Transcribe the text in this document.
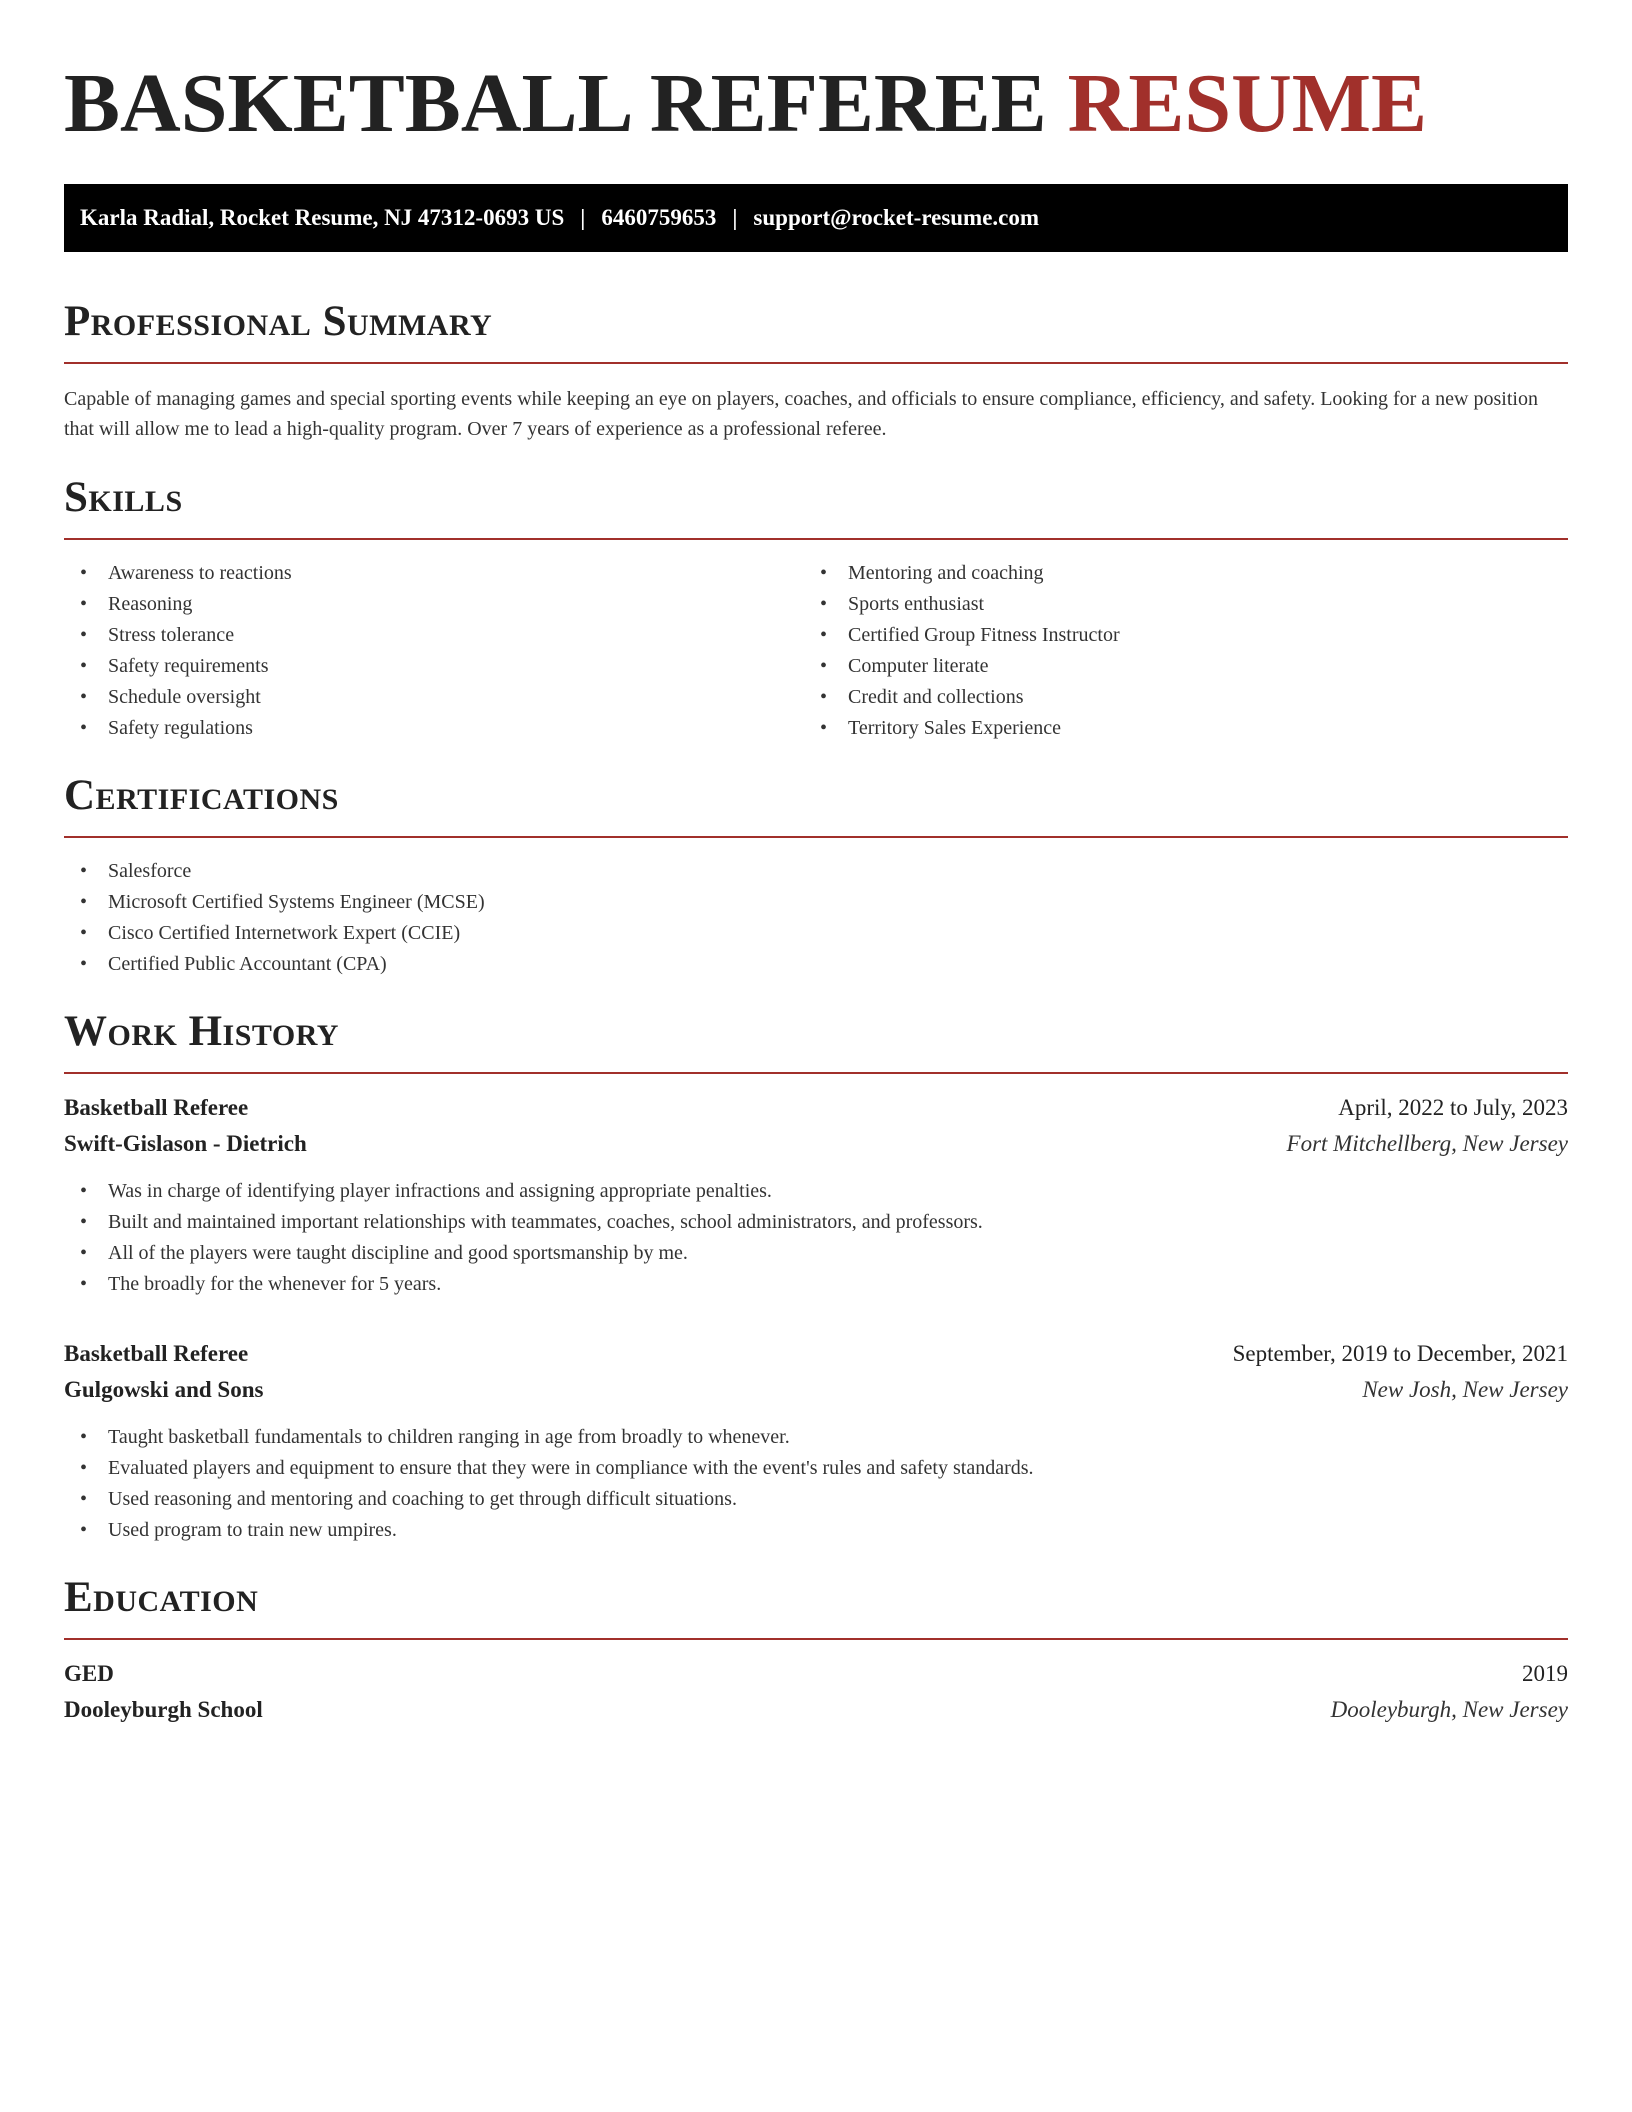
BASKETBALL REFEREE RESUME
Karla Radial, Rocket Resume, NJ 47312-0693 US | 6460759653 | support@rocket-resume.com
Professional Summary

Capable of managing games and special sporting events while keeping an eye on players, coaches, and officials to ensure compliance, efficiency, and safety. Looking for a new position that will allow me to lead a high-quality program. Over 7 years of experience as a professional referee.

Skills
• Awareness to reactions
• Reasoning
• Stress tolerance
• Safety requirements
• Schedule oversight
• Safety regulations
• Mentoring and coaching
• Sports enthusiast
• Certified Group Fitness Instructor
• Computer literate
• Credit and collections
• Territory Sales Experience
Certifications
• Salesforce
• Microsoft Certified Systems Engineer (MCSE)
• Cisco Certified Internetwork Expert (CCIE)
• Certified Public Accountant (CPA)
Work History
Basketball Referee	April, 2022 to July, 2023
Swift-Gislason - Dietrich	Fort Mitchellberg, New Jersey
• Was in charge of identifying player infractions and assigning appropriate penalties.
• Built and maintained important relationships with teammates, coaches, school administrators, and professors.
• All of the players were taught discipline and good sportsmanship by me.
• The broadly for the whenever for 5 years.
Basketball Referee	September, 2019 to December, 2021
Gulgowski and Sons	New Josh, New Jersey
• Taught basketball fundamentals to children ranging in age from broadly to whenever.
• Evaluated players and equipment to ensure that they were in compliance with the event's rules and safety standards.
• Used reasoning and mentoring and coaching to get through difficult situations.
• Used program to train new umpires.
Education
GED	2019
Dooleyburgh School	Dooleyburgh, New Jersey
